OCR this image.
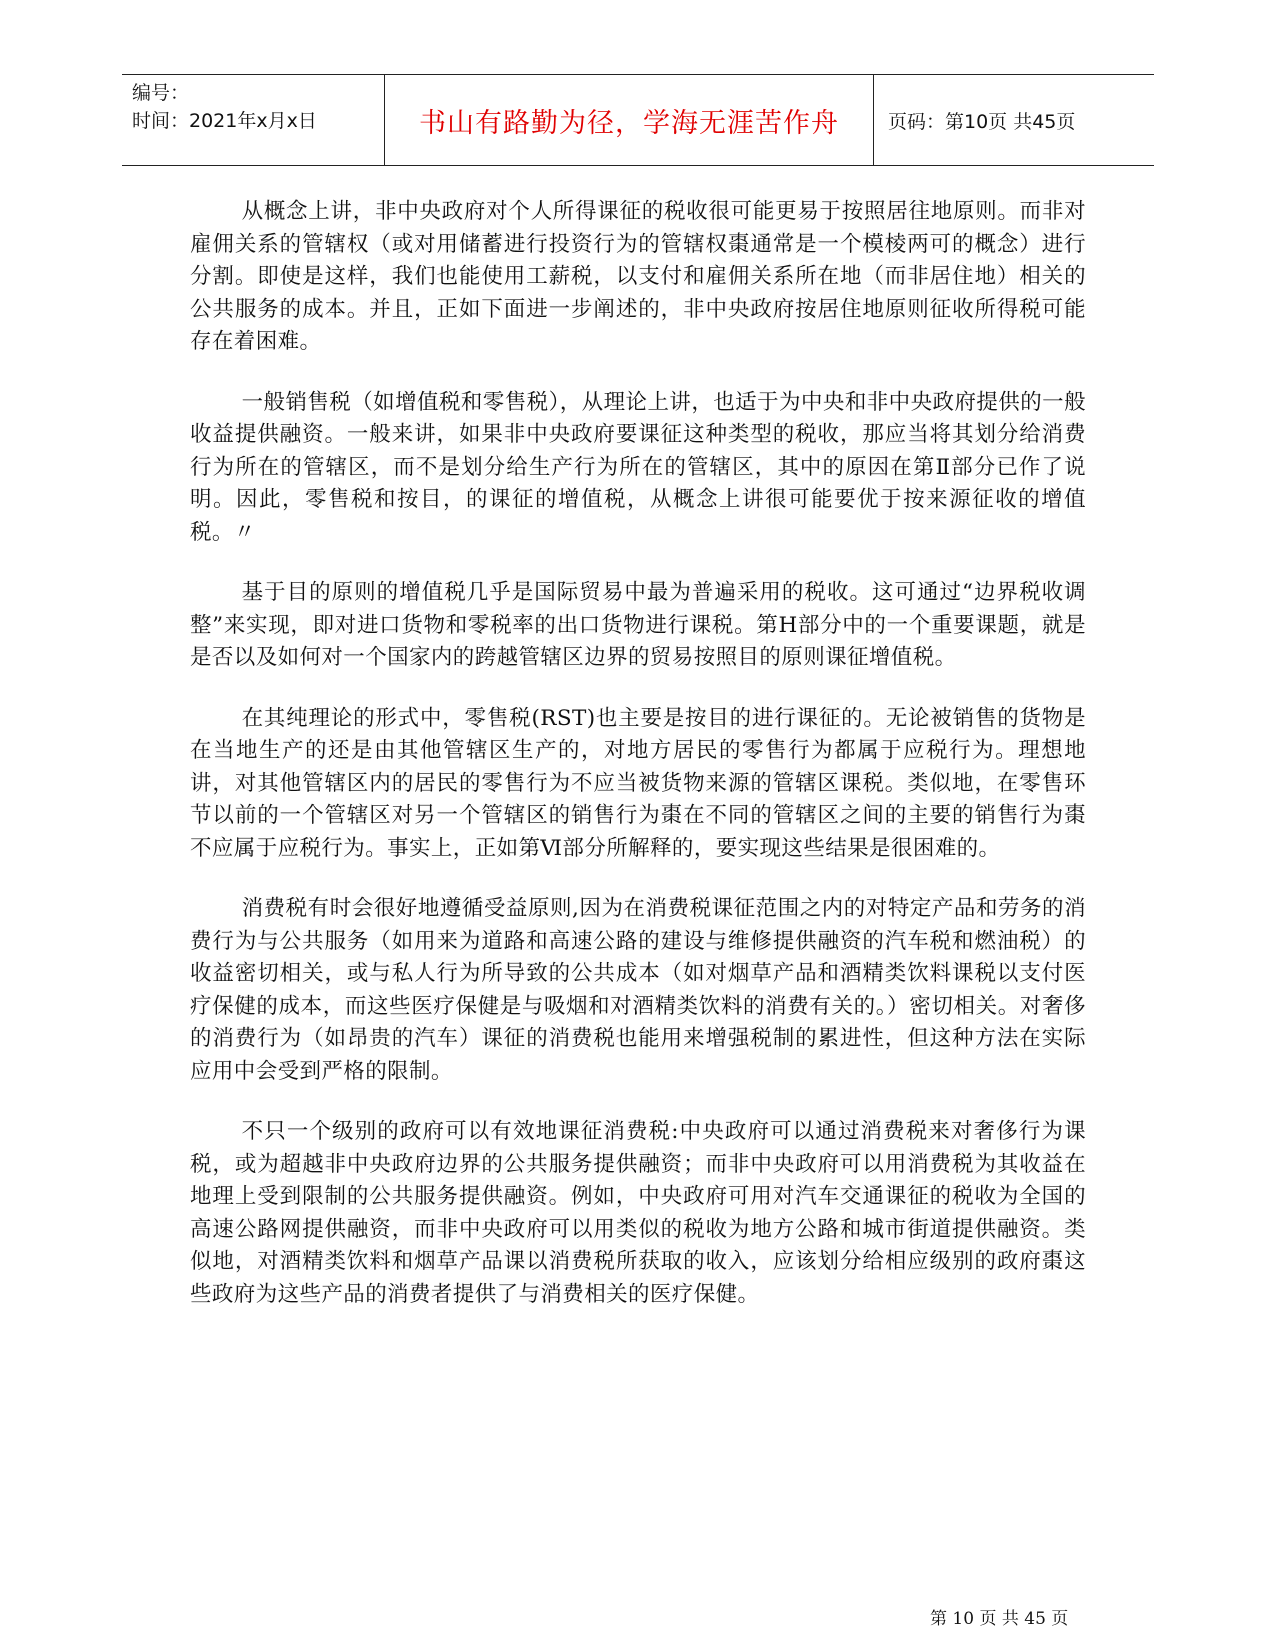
编号：
时间：2021年x月x日	书山有路勤为径，学海无涯苦作舟	页码：第10页 共45页

从概念上讲，非中央政府对个人所得课征的税收很可能更易于按照居往地原则。而非对雇佣关系的管辖权（或对用储蓄进行投资行为的管辖权棗通常是一个模棱两可的概念）进行分割。即使是这样，我们也能使用工薪税，以支付和雇佣关系所在地（而非居住地）相关的公共服务的成本。并且，正如下面进一步阐述的，非中央政府按居住地原则征收所得税可能存在着困难。

一般销售税（如增值税和零售税），从理论上讲，也适于为中央和非中央政府提供的一般收益提供融资。一般来讲，如果非中央政府要课征这种类型的税收，那应当将其划分给消费行为所在的管辖区，而不是划分给生产行为所在的管辖区，其中的原因在第Ⅱ部分已作了说明。因此，零售税和按目，的课征的增值税，从概念上讲很可能要优于按来源征收的增值税。〃

基于目的原则的增值税几乎是国际贸易中最为普遍采用的税收。这可通过“边界税收调整”来实现，即对进口货物和零税率的出口货物进行课税。第H部分中的一个重要课题，就是是否以及如何对一个国家内的跨越管辖区边界的贸易按照目的原则课征增值税。

在其纯理论的形式中，零售税(RST)也主要是按目的进行课征的。无论被销售的货物是在当地生产的还是由其他管辖区生产的，对地方居民的零售行为都属于应税行为。理想地讲，对其他管辖区内的居民的零售行为不应当被货物来源的管辖区课税。类似地，在零售环节以前的一个管辖区对另一个管辖区的销售行为棗在不同的管辖区之间的主要的销售行为棗不应属于应税行为。事实上，正如第Ⅵ部分所解释的，要实现这些结果是很困难的。

消费税有时会很好地遵循受益原则,因为在消费税课征范围之内的对特定产品和劳务的消费行为与公共服务（如用来为道路和高速公路的建设与维修提供融资的汽车税和燃油税）的收益密切相关，或与私人行为所导致的公共成本（如对烟草产品和酒精类饮料课税以支付医疗保健的成本，而这些医疗保健是与吸烟和对酒精类饮料的消费有关的。）密切相关。对奢侈的消费行为（如昂贵的汽车）课征的消费税也能用来增强税制的累进性，但这种方法在实际应用中会受到严格的限制。

不只一个级别的政府可以有效地课征消费税:中央政府可以通过消费税来对奢侈行为课税，或为超越非中央政府边界的公共服务提供融资；而非中央政府可以用消费税为其收益在地理上受到限制的公共服务提供融资。例如，中央政府可用对汽车交通课征的税收为全国的高速公路网提供融资，而非中央政府可以用类似的税收为地方公路和城市街道提供融资。类似地，对酒精类饮料和烟草产品课以消费税所获取的收入，应该划分给相应级别的政府棗这些政府为这些产品的消费者提供了与消费相关的医疗保健。

第 10 页 共 45 页
